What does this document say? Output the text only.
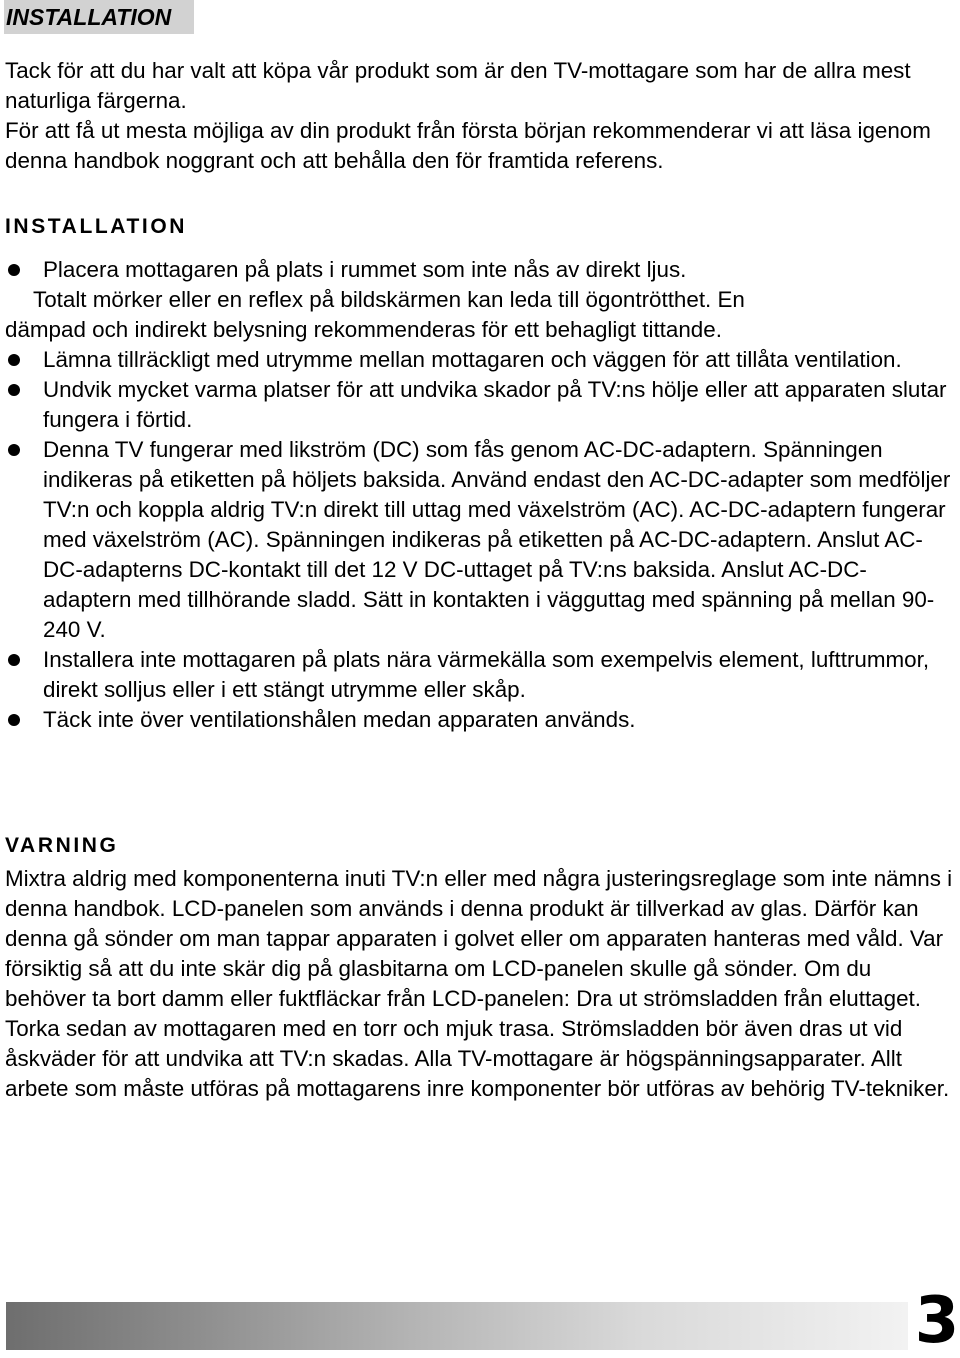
INSTALLATION

Tack för att du har valt att köpa vår produkt som är den TV-mottagare som har de allra mest naturliga färgerna.

För att få ut mesta möjliga av din produkt från första början rekommenderar vi att läsa igenom denna handbok noggrant och att behålla den för framtida referens.

INSTALLATION
Placera mottagaren på plats i rummet som inte nås av direkt ljus.
Totalt mörker eller en reflex på bildskärmen kan leda till ögontrötthet. En
dämpad och indirekt belysning rekommenderas för ett behagligt tittande.
Lämna tillräckligt med utrymme mellan mottagaren och väggen för att tillåta ventilation.
Undvik mycket varma platser för att undvika skador på TV:ns hölje eller att apparaten slutar fungera i förtid.
Denna TV fungerar med likström (DC) som fås genom AC-DC-adaptern. Spänningen indikeras på etiketten på höljets baksida. Använd endast den AC-DC-adapter som medföljer TV:n och koppla aldrig TV:n direkt till uttag med växelström (AC). AC-DC-adaptern fungerar med växelström (AC). Spänningen indikeras på etiketten på AC-DC-adaptern. Anslut AC-DC-adapterns DC-kontakt till det 12 V DC-uttaget på TV:ns baksida. Anslut AC-DC-adaptern med tillhörande sladd. Sätt in kontakten i vägguttag med spänning på mellan 90-240 V.
Installera inte mottagaren på plats nära värmekälla som exempelvis element, lufttrummor, direkt solljus eller i ett stängt utrymme eller skåp.
Täck inte över ventilationshålen medan apparaten används.
VARNING

Mixtra aldrig med komponenterna inuti TV:n eller med några justeringsreglage som inte nämns i denna handbok. LCD-panelen som används i denna produkt är tillverkad av glas. Därför kan denna gå sönder om man tappar apparaten i golvet eller om apparaten hanteras med våld. Var försiktig så att du inte skär dig på glasbitarna om LCD-panelen skulle gå sönder. Om du behöver ta bort damm eller fuktfläckar från LCD-panelen: Dra ut strömsladden från eluttaget. Torka sedan av mottagaren med en torr och mjuk trasa. Strömsladden bör även dras ut vid åskväder för att undvika att TV:n skadas. Alla TV-mottagare är högspänningsapparater. Allt arbete som måste utföras på mottagarens inre komponenter bör utföras av behörig TV-tekniker.

3
